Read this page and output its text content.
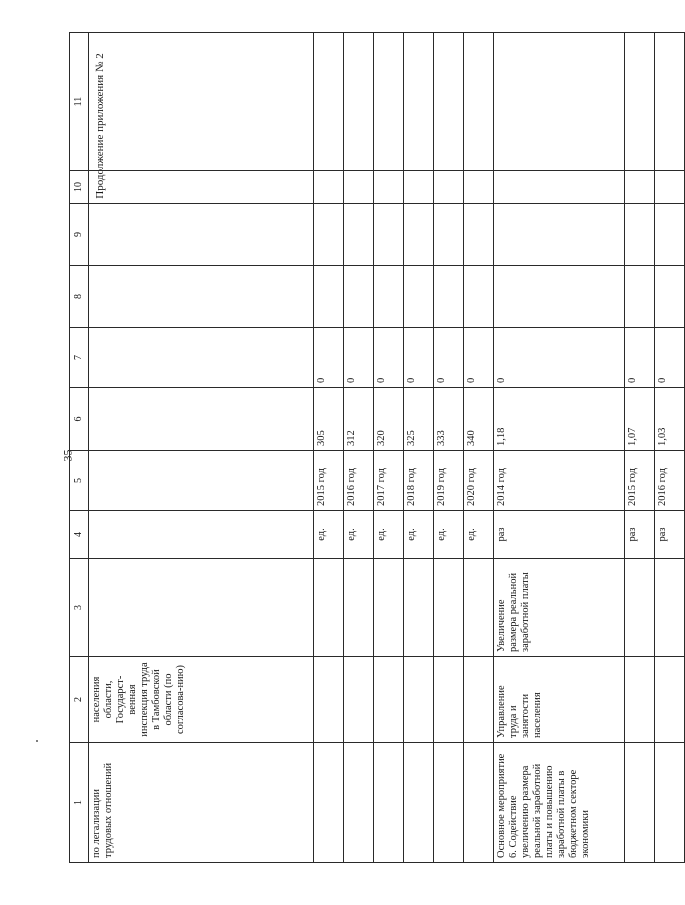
35
Продолжение приложения № 2
1	2	3	4	5	6	7	8	9	10	11
по легализации трудовых отношений	населения области, Государст-венная инспекция труда в Тамбовской области (по согласова-нию)									
			ед.	2015 год	305	0				
			ед.	2016 год	312	0				
			ед.	2017 год	320	0				
			ед.	2018 год	325	0				
			ед.	2019 год	333	0				
			ед.	2020 год	340	0				
Основное мероприятие 6. Содействие увеличению размера реальной заработной платы и повышению заработной платы в бюджетном секторе экономики	Управление труда и занятости населения	Увеличение размера реальной заработной платы	раз	2014 год	1,18	0				
			раз	2015 год	1,07	0				
			раз	2016 год	1,03	0				
